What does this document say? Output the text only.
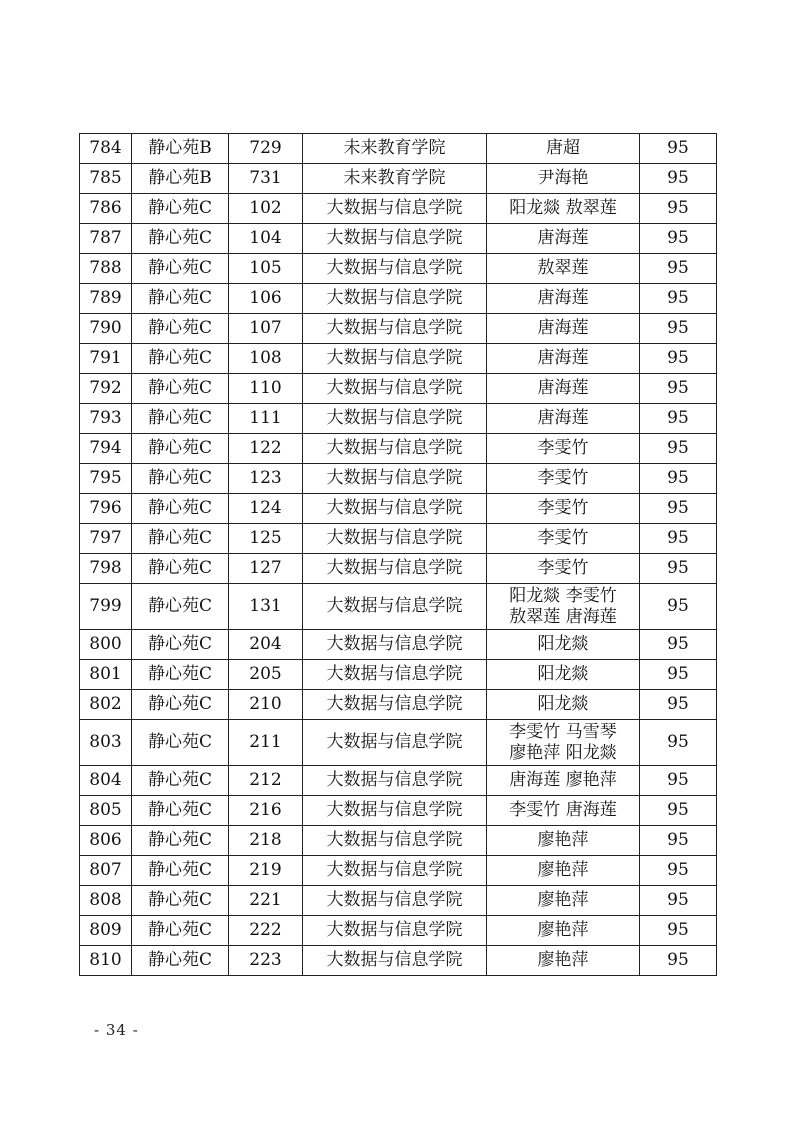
784	静心苑B	729	未来教育学院	唐超	95
785	静心苑B	731	未来教育学院	尹海艳	95
786	静心苑C	102	大数据与信息学院	阳龙燚 敖翠莲	95
787	静心苑C	104	大数据与信息学院	唐海莲	95
788	静心苑C	105	大数据与信息学院	敖翠莲	95
789	静心苑C	106	大数据与信息学院	唐海莲	95
790	静心苑C	107	大数据与信息学院	唐海莲	95
791	静心苑C	108	大数据与信息学院	唐海莲	95
792	静心苑C	110	大数据与信息学院	唐海莲	95
793	静心苑C	111	大数据与信息学院	唐海莲	95
794	静心苑C	122	大数据与信息学院	李雯竹	95
795	静心苑C	123	大数据与信息学院	李雯竹	95
796	静心苑C	124	大数据与信息学院	李雯竹	95
797	静心苑C	125	大数据与信息学院	李雯竹	95
798	静心苑C	127	大数据与信息学院	李雯竹	95
799	静心苑C	131	大数据与信息学院	阳龙燚 李雯竹
敖翠莲 唐海莲	95
800	静心苑C	204	大数据与信息学院	阳龙燚	95
801	静心苑C	205	大数据与信息学院	阳龙燚	95
802	静心苑C	210	大数据与信息学院	阳龙燚	95
803	静心苑C	211	大数据与信息学院	李雯竹 马雪琴
廖艳萍 阳龙燚	95
804	静心苑C	212	大数据与信息学院	唐海莲 廖艳萍	95
805	静心苑C	216	大数据与信息学院	李雯竹 唐海莲	95
806	静心苑C	218	大数据与信息学院	廖艳萍	95
807	静心苑C	219	大数据与信息学院	廖艳萍	95
808	静心苑C	221	大数据与信息学院	廖艳萍	95
809	静心苑C	222	大数据与信息学院	廖艳萍	95
810	静心苑C	223	大数据与信息学院	廖艳萍	95
- 34 -
